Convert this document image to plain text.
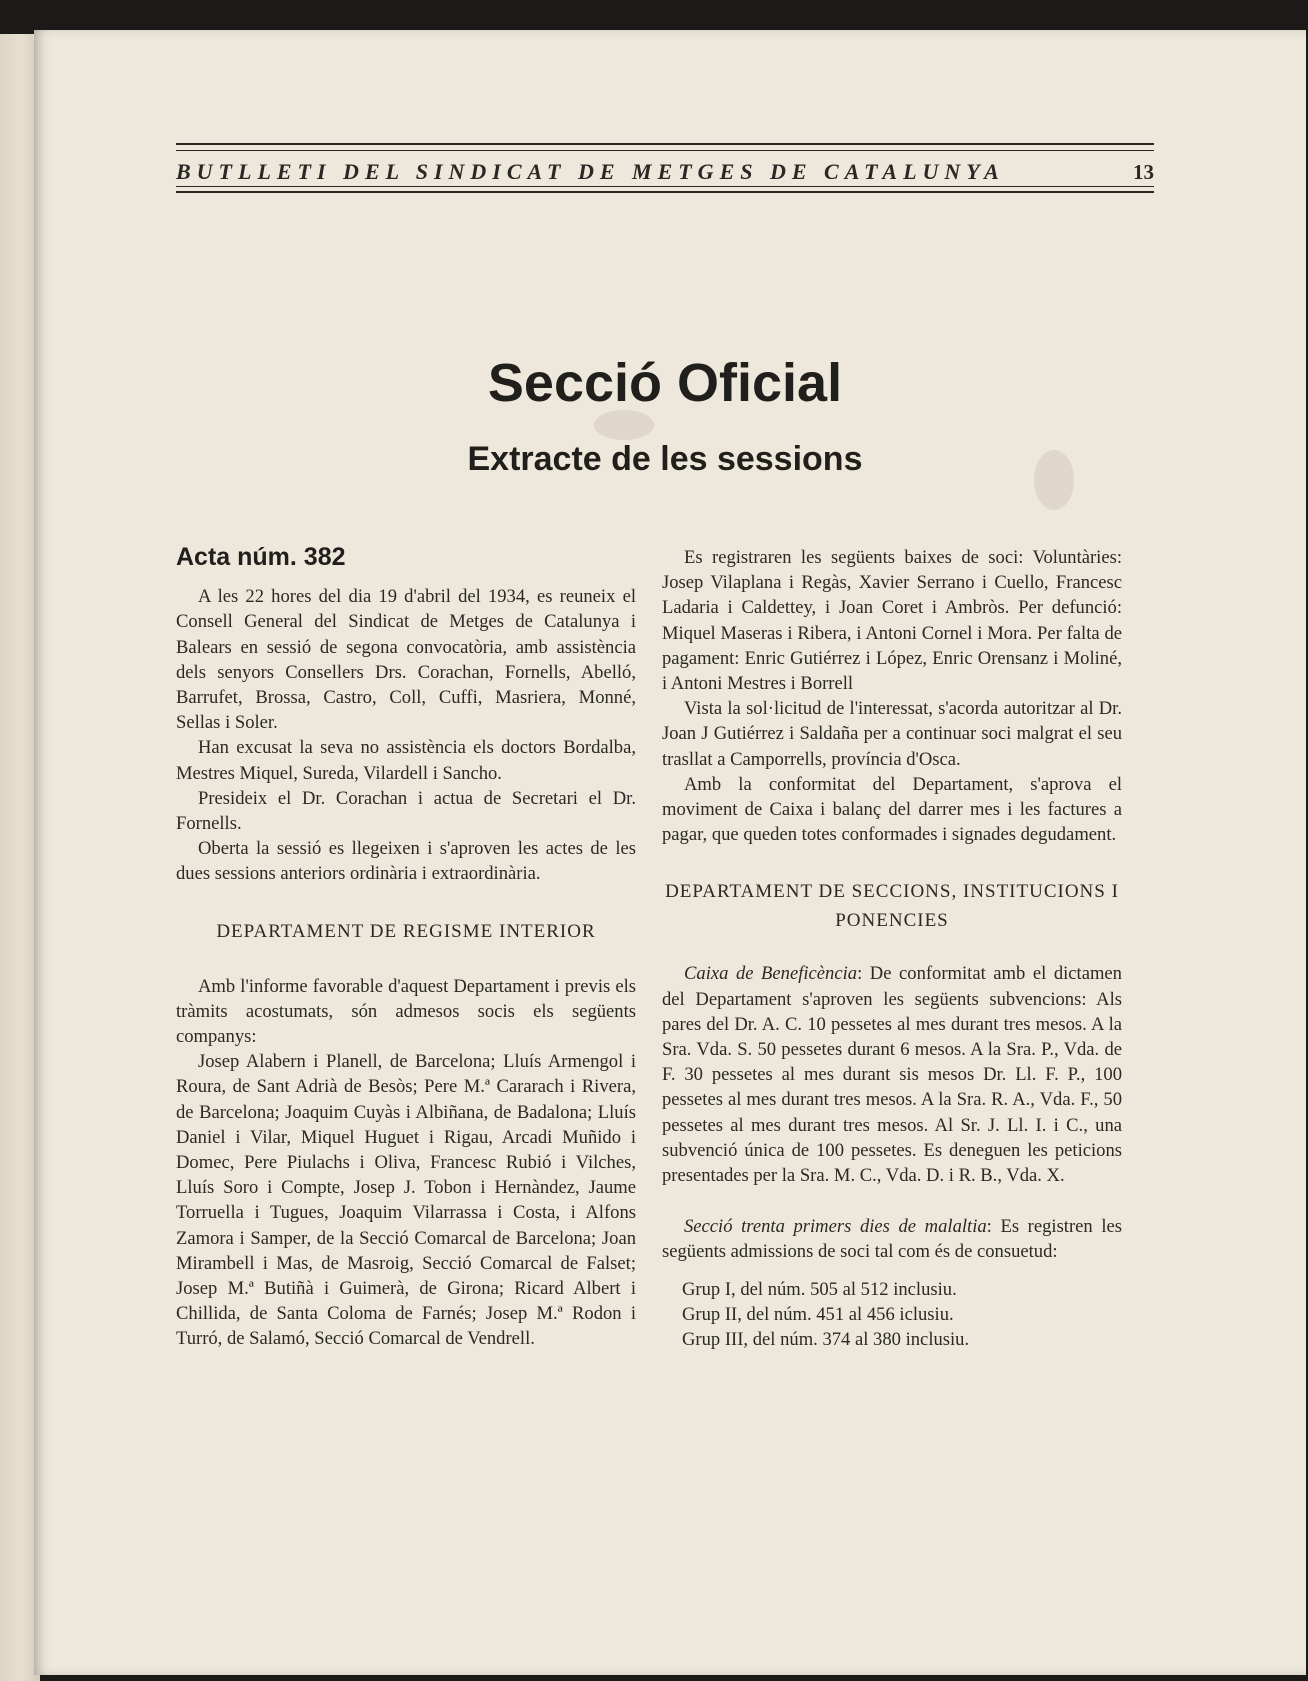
BUTLLETI DEL SINDICAT DE METGES DE CATALUNYA	13
Secció Oficial
Extracte de les sessions

Acta núm. 382

A les 22 hores del dia 19 d'abril del 1934, es reuneix el Consell General del Sindicat de Metges de Catalunya i Balears en sessió de segona convocatòria, amb assistència dels senyors Consellers Drs. Corachan, Fornells, Abelló, Barrufet, Brossa, Castro, Coll, Cuffi, Masriera, Monné, Sellas i Soler.

Han excusat la seva no assistència els doctors Bordalba, Mestres Miquel, Sureda, Vilardell i Sancho.

Presideix el Dr. Corachan i actua de Secretari el Dr. Fornells.

Oberta la sessió es llegeixen i s'aproven les actes de les dues sessions anteriors ordinària i extraordinària.

DEPARTAMENT DE REGISME INTERIOR

Amb l'informe favorable d'aquest Departament i previs els tràmits acostumats, són admesos socis els següents companys:

Josep Alabern i Planell, de Barcelona; Lluís Armengol i Roura, de Sant Adrià de Besòs; Pere M.ª Cararach i Rivera, de Barcelona; Joaquim Cuyàs i Albiñana, de Badalona; Lluís Daniel i Vilar, Miquel Huguet i Rigau, Arcadi Muñido i Domec, Pere Piulachs i Oliva, Francesc Rubió i Vilches, Lluís Soro i Compte, Josep J. Tobon i Hernàndez, Jaume Torruella i Tugues, Joaquim Vilarrassa i Costa, i Alfons Zamora i Samper, de la Secció Comarcal de Barcelona; Joan Mirambell i Mas, de Masroig, Secció Comarcal de Falset; Josep M.ª Butiñà i Guimerà, de Girona; Ricard Albert i Chillida, de Santa Coloma de Farnés; Josep M.ª Rodon i Turró, de Salamó, Secció Comarcal de Vendrell.

Es registraren les següents baixes de soci: Voluntàries: Josep Vilaplana i Regàs, Xavier Serrano i Cuello, Francesc Ladaria i Caldettey, i Joan Coret i Ambròs. Per defunció: Miquel Maseras i Ribera, i Antoni Cornel i Mora. Per falta de pagament: Enric Gutiérrez i López, Enric Orensanz i Moliné, i Antoni Mestres i Borrell

Vista la sol·licitud de l'interessat, s'acorda autoritzar al Dr. Joan J Gutiérrez i Saldaña per a continuar soci malgrat el seu trasllat a Camporrells, província d'Osca.

Amb la conformitat del Departament, s'aprova el moviment de Caixa i balanç del darrer mes i les factures a pagar, que queden totes conformades i signades degudament.

DEPARTAMENT DE SECCIONS, INSTITUCIONS I PONENCIES

Caixa de Beneficència: De conformitat amb el dictamen del Departament s'aproven les següents subvencions: Als pares del Dr. A. C. 10 pessetes al mes durant tres mesos. A la Sra. Vda. S. 50 pessetes durant 6 mesos. A la Sra. P., Vda. de F. 30 pessetes al mes durant sis mesos Dr. Ll. F. P., 100 pessetes al mes durant tres mesos. A la Sra. R. A., Vda. F., 50 pessetes al mes durant tres mesos. Al Sr. J. Ll. I. i C., una subvenció única de 100 pessetes. Es deneguen les peticions presentades per la Sra. M. C., Vda. D. i R. B., Vda. X.

Secció trenta primers dies de malaltia: Es registren les següents admissions de soci tal com és de consuetud:

Grup I, del núm. 505 al 512 inclusiu.

Grup II, del núm. 451 al 456 iclusiu.

Grup III, del núm. 374 al 380 inclusiu.
